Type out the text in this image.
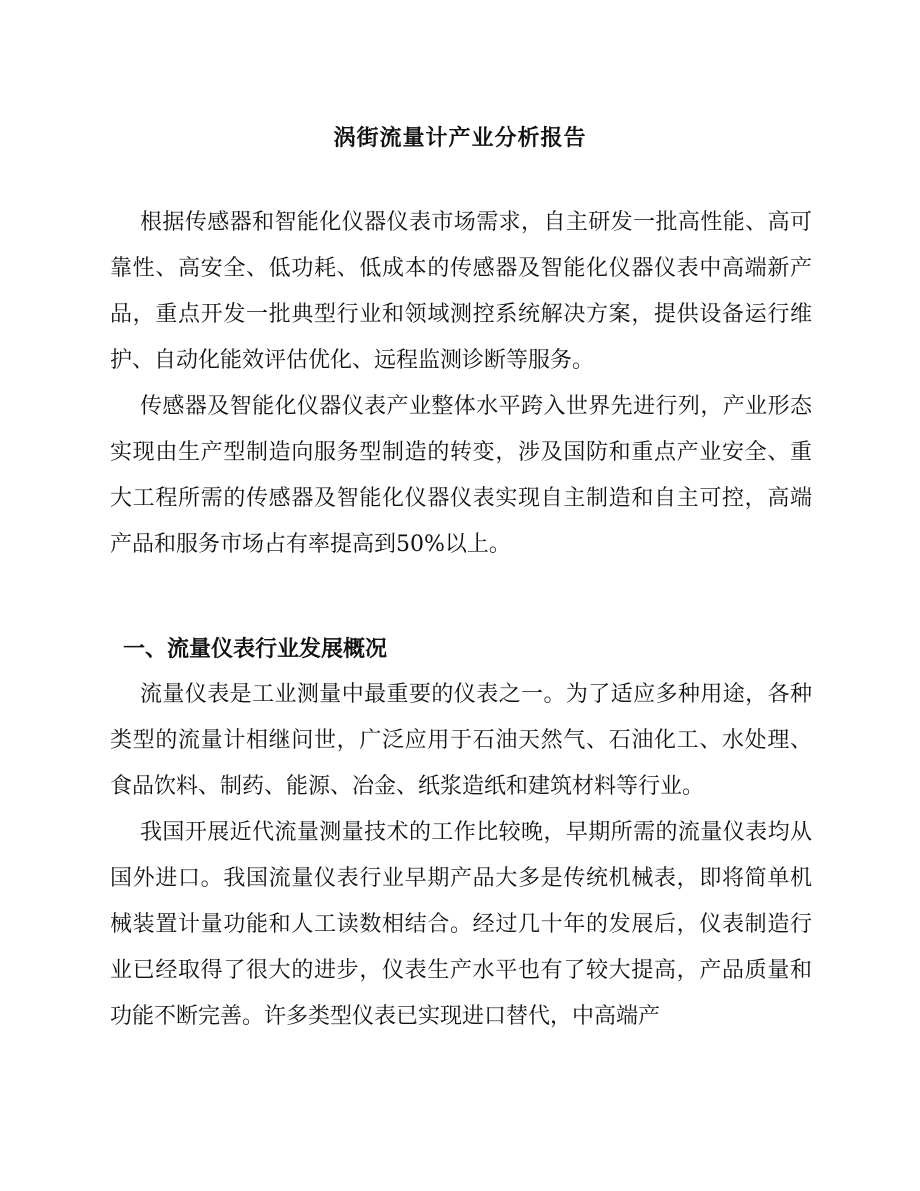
涡街流量计产业分析报告

根据传感器和智能化仪器仪表市场需求，自主研发一批高性能、高可靠性、高安全、低功耗、低成本的传感器及智能化仪器仪表中高端新产品，重点开发一批典型行业和领域测控系统解决方案，提供设备运行维护、自动化能效评估优化、远程监测诊断等服务。

传感器及智能化仪器仪表产业整体水平跨入世界先进行列，产业形态实现由生产型制造向服务型制造的转变，涉及国防和重点产业安全、重大工程所需的传感器及智能化仪器仪表实现自主制造和自主可控，高端产品和服务市场占有率提高到50%以上。

一、流量仪表行业发展概况

流量仪表是工业测量中最重要的仪表之一。为了适应多种用途，各种类型的流量计相继问世，广泛应用于石油天然气、石油化工、水处理、食品饮料、制药、能源、冶金、纸浆造纸和建筑材料等行业。

我国开展近代流量测量技术的工作比较晚，早期所需的流量仪表均从国外进口。我国流量仪表行业早期产品大多是传统机械表，即将简单机械装置计量功能和人工读数相结合。经过几十年的发展后，仪表制造行业已经取得了很大的进步，仪表生产水平也有了较大提高，产品质量和功能不断完善。许多类型仪表已实现进口替代，中高端产
